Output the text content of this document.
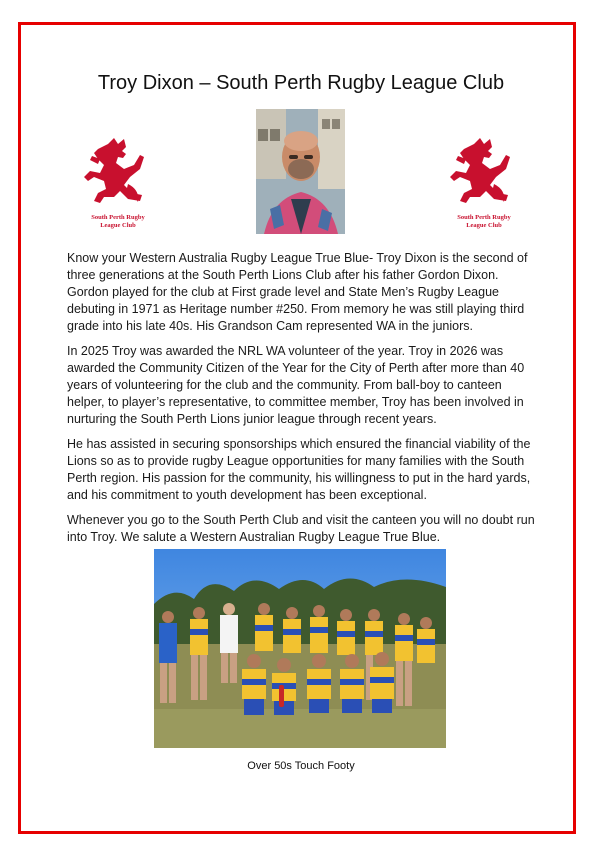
Troy Dixon – South Perth Rugby League Club
South Perth Rugby
League Club
South Perth Rugby
League Club

Know your Western Australia Rugby League True Blue- Troy Dixon is the second of three generations at the South Perth Lions Club after his father Gordon Dixon. Gordon played for the club at First grade level and State Men’s Rugby League debuting in 1971 as Heritage number #250. From memory he was still playing third grade into his late 40s. His Grandson Cam represented WA in the juniors.

In 2025 Troy was awarded the NRL WA volunteer of the year. Troy in 2026 was awarded the Community Citizen of the Year for the City of Perth after more than 40 years of volunteering for the club and the community. From ball-boy to canteen helper, to player’s representative, to committee member, Troy has been involved in nurturing the South Perth Lions junior league through recent years.

He has assisted in securing sponsorships which ensured the financial viability of the Lions so as to provide rugby League opportunities for many families with the South Perth region. His passion for the community, his willingness to put in the hard yards, and his commitment to youth development has been exceptional.

Whenever you go to the South Perth Club and visit the canteen you will no doubt run into Troy. We salute a Western Australian Rugby League True Blue.

Over 50s Touch Footy
